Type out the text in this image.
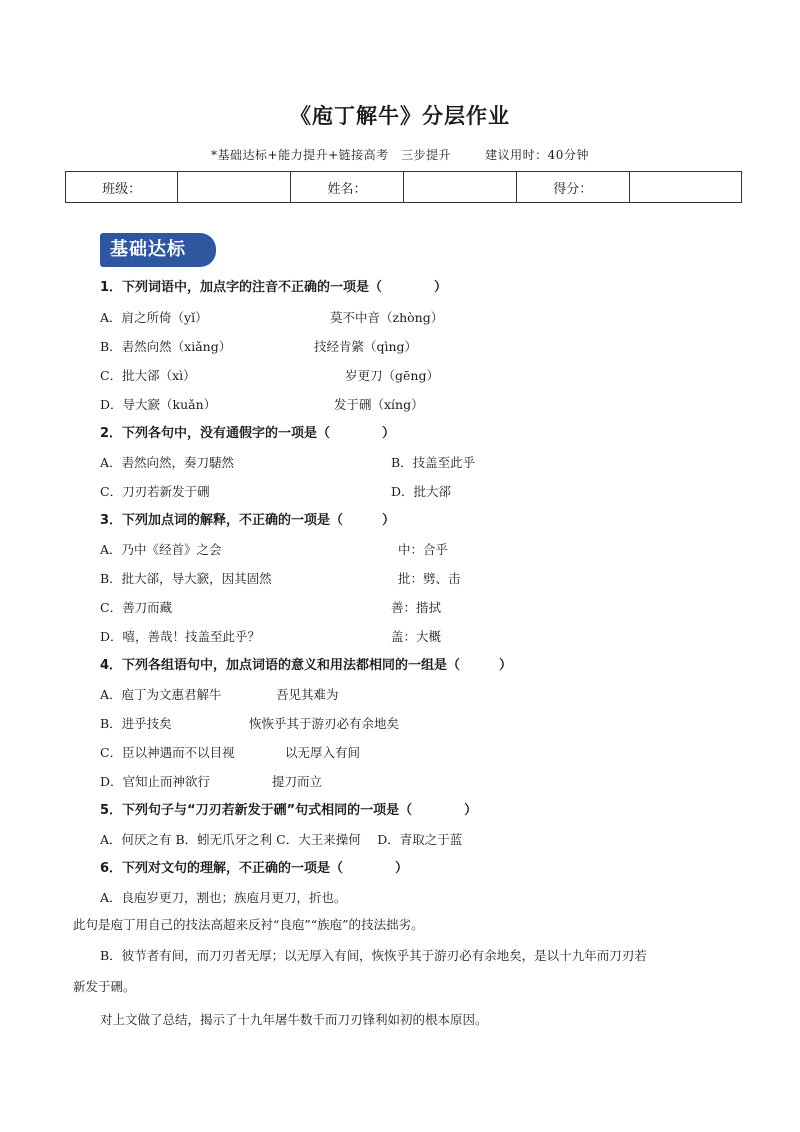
《庖丁解牛》分层作业
*基础达标+能力提升+链接高考　三步提升	建议用时：40分钟
班级：		姓名：		得分：	
基础达标
1．下列词语中，加点字的注音不正确的一项是（　　　　）
A．肩之所倚（yǐ）	莫不中音（zhòng）
B．砉然向然（xiǎng）	技经肯綮（qìng）
C．批大郤（xì）	岁更刀（gēng）
D．导大窾（kuǎn）	发于硎（xíng）
2．下列各句中，没有通假字的一项是（　　　　）
A．砉然向然，奏刀騞然	B．技盖至此乎
C．刀刃若新发于硎	D．批大郤
3．下列加点词的解释，不正确的一项是（　　　）
A．乃中《经首》之会	中：合乎
B．批大郤，导大窾，因其固然	批：劈、击
C．善刀而藏	善：揩拭
D．嘻，善哉！技盖至此乎？	盖：大概
4．下列各组语句中，加点词语的意义和用法都相同的一组是（　　　）
A．庖丁为文惠君解牛	吾见其难为
B．进乎技矣	恢恢乎其于游刃必有余地矣
C．臣以神遇而不以目视	以无厚入有间
D．官知止而神欲行	提刀而立
5．下列句子与“刀刃若新发于硎”句式相同的一项是（　　　　）
A．何厌之有 B．蚓无爪牙之利 C．大王来操何　 D．青取之于蓝
6．下列对文句的理解，不正确的一项是（　　　　）
A．良庖岁更刀，割也；族庖月更刀，折也。
此句是庖丁用自己的技法高超来反衬“良庖”“族庖”的技法拙劣。
B．彼节者有间，而刀刃者无厚；以无厚入有间，恢恢乎其于游刃必有余地矣，是以十九年而刀刃若
新发于硎。
对上文做了总结，揭示了十九年屠牛数千而刀刃锋利如初的根本原因。
